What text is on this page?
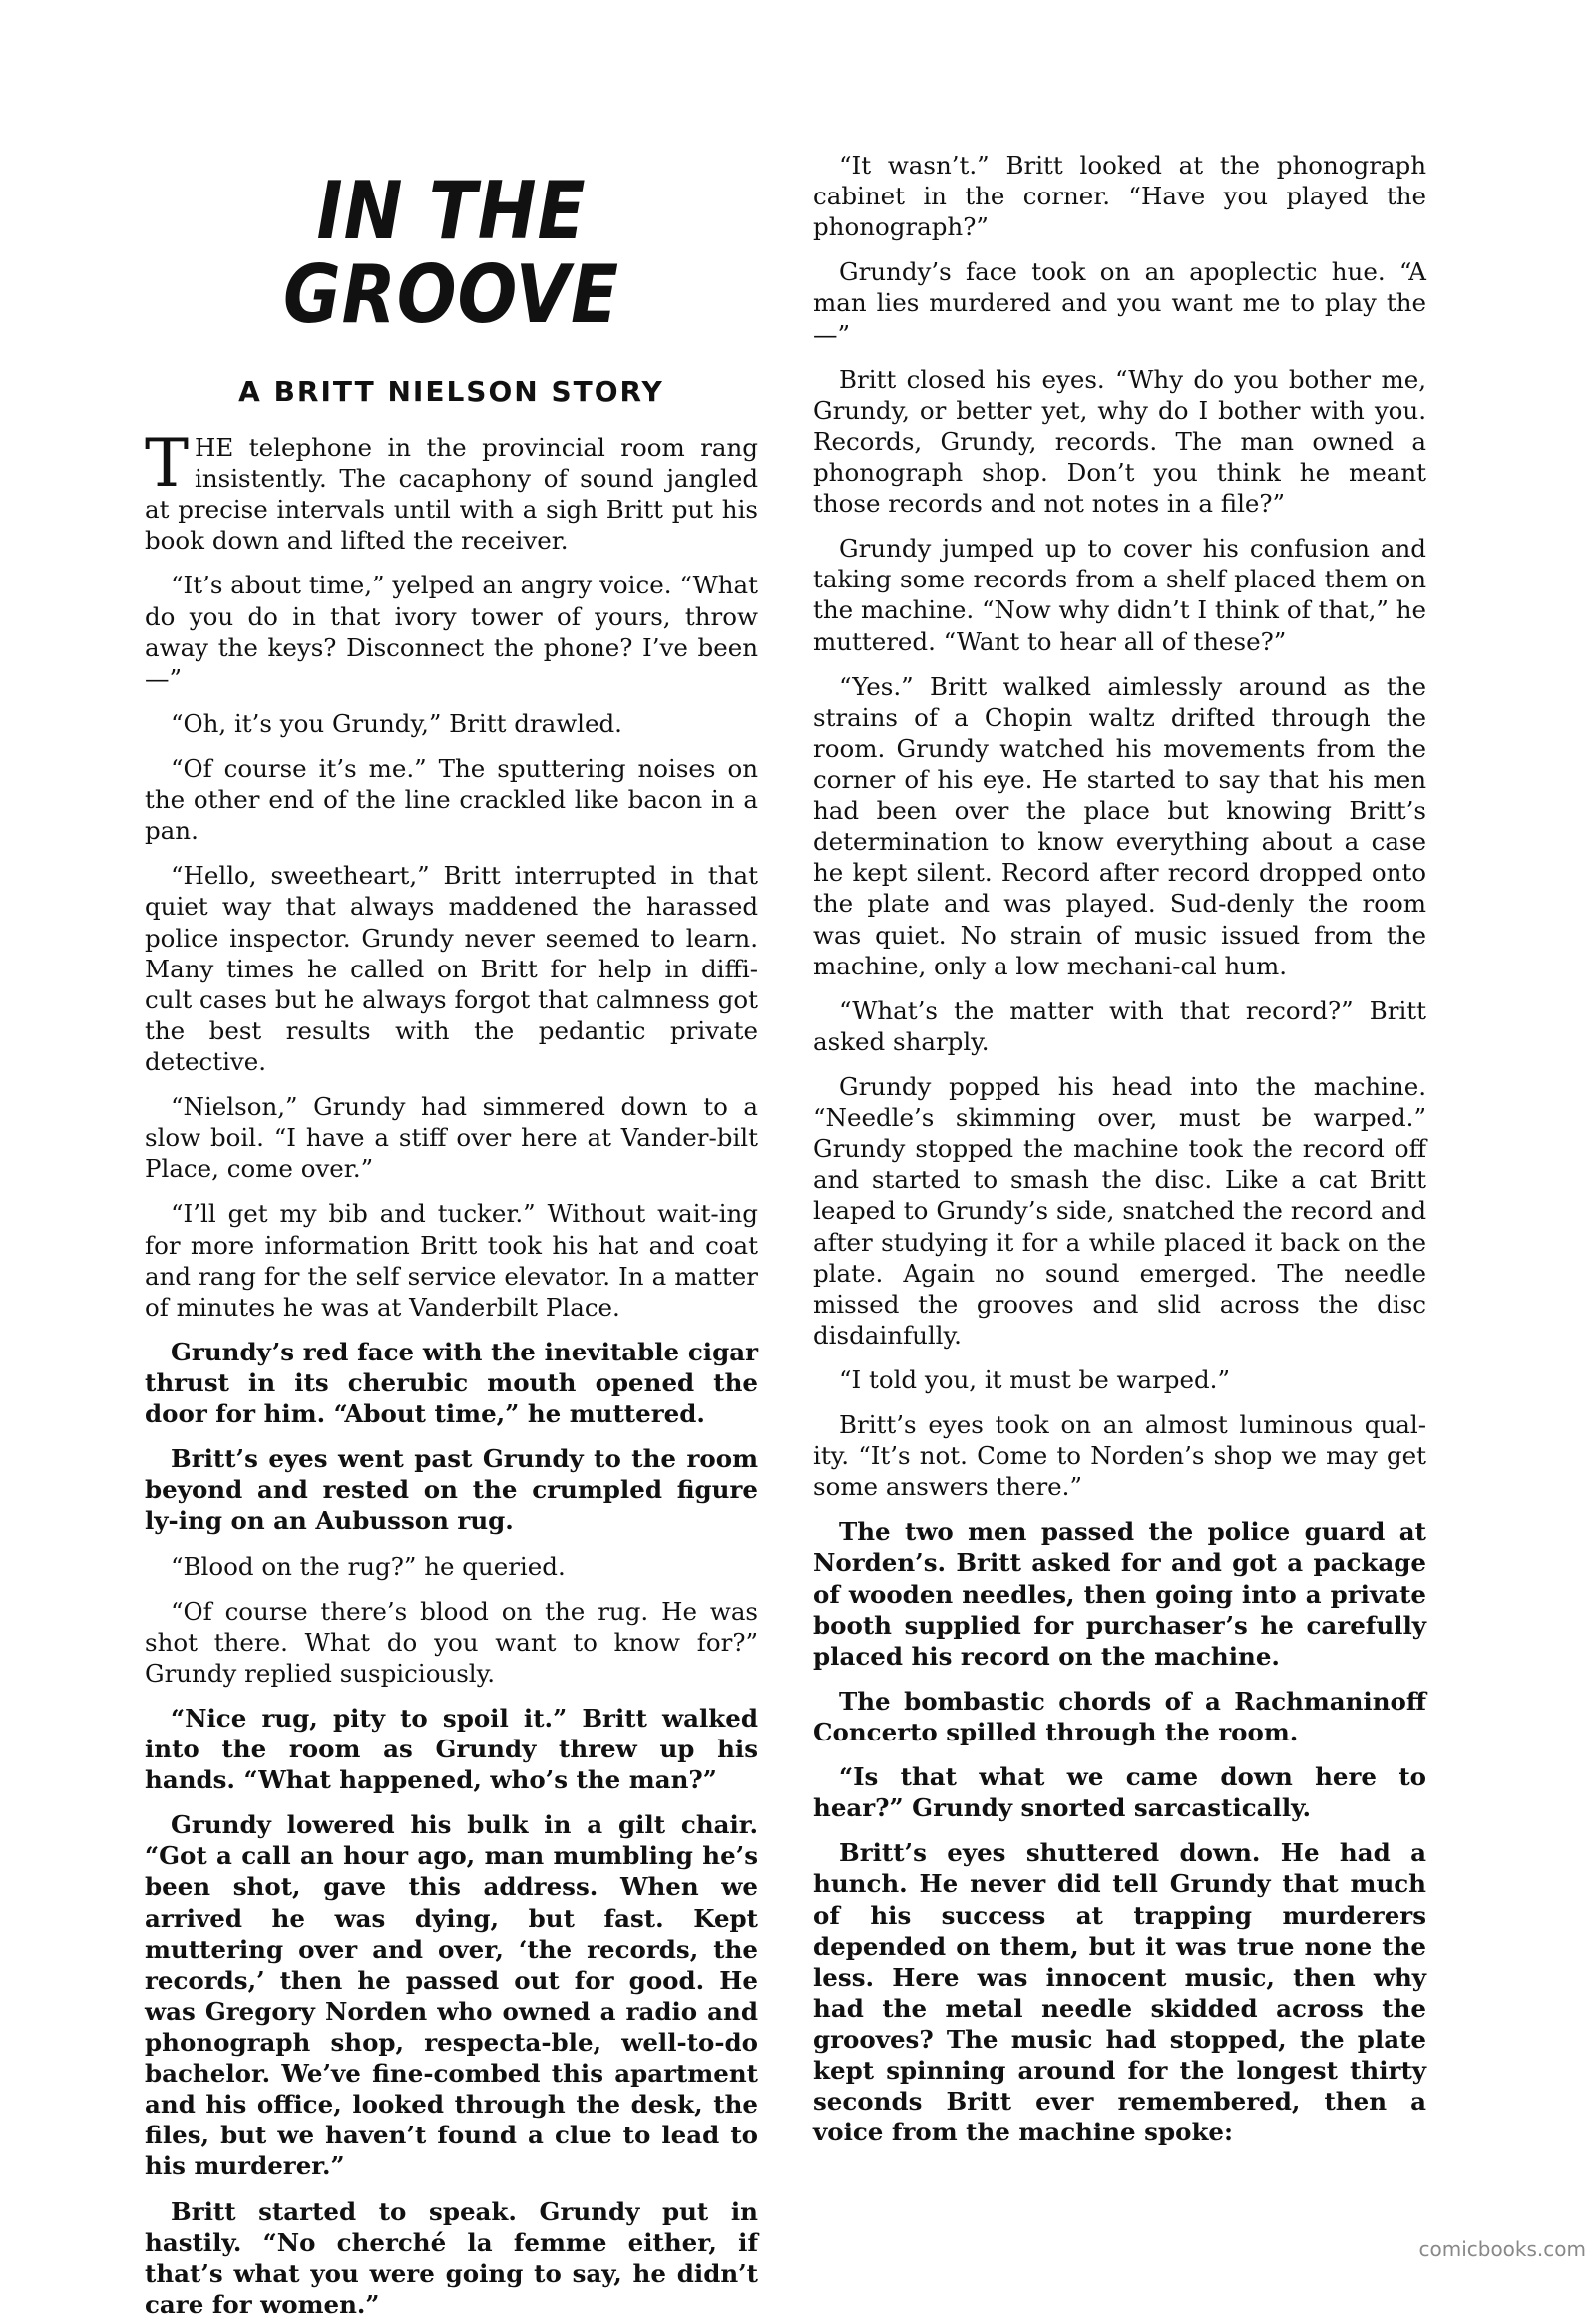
IN THE GROOVE
A BRITT NIELSON STORY

THE telephone in the provincial room rang insistently. The cacaphony of sound jangled at precise intervals until with a sigh Britt put his book down and lifted the receiver.

“It’s about time,” yelped an angry voice. “What do you do in that ivory tower of yours, throw away the keys? Disconnect the phone? I’ve been—”

“Oh, it’s you Grundy,” Britt drawled.

“Of course it’s me.” The sputtering noises on the other end of the line crackled like bacon in a pan.

“Hello, sweetheart,” Britt interrupted in that quiet way that always maddened the harassed police inspector. Grundy never seemed to learn. Many times he called on Britt for help in diffi-cult cases but he always forgot that calmness got the best results with the pedantic private detective.

“Nielson,” Grundy had simmered down to a slow boil. “I have a stiff over here at Vander-bilt Place, come over.”

“I’ll get my bib and tucker.” Without wait-ing for more information Britt took his hat and coat and rang for the self service elevator. In a matter of minutes he was at Vanderbilt Place.

Grundy’s red face with the inevitable cigar thrust in its cherubic mouth opened the door for him. “About time,” he muttered.

Britt’s eyes went past Grundy to the room beyond and rested on the crumpled figure ly-ing on an Aubusson rug.

“Blood on the rug?” he queried.

“Of course there’s blood on the rug. He was shot there. What do you want to know for?” Grundy replied suspiciously.

“Nice rug, pity to spoil it.” Britt walked into the room as Grundy threw up his hands. “What happened, who’s the man?”

Grundy lowered his bulk in a gilt chair. “Got a call an hour ago, man mumbling he’s been shot, gave this address. When we arrived he was dying, but fast. Kept muttering over and over, ‘the records, the records,’ then he passed out for good. He was Gregory Norden who owned a radio and phonograph shop, respecta-ble, well-to-do bachelor. We’ve fine-combed this apartment and his office, looked through the desk, the files, but we haven’t found a clue to lead to his murderer.”

Britt started to speak. Grundy put in hastily. “No cherché la femme either, if that’s what you were going to say, he didn’t care for women.”

“It wasn’t.” Britt looked at the phonograph cabinet in the corner. “Have you played the phonograph?”

Grundy’s face took on an apoplectic hue. “A man lies murdered and you want me to play the—”

Britt closed his eyes. “Why do you bother me, Grundy, or better yet, why do I bother with you. Records, Grundy, records. The man owned a phonograph shop. Don’t you think he meant those records and not notes in a file?”

Grundy jumped up to cover his confusion and taking some records from a shelf placed them on the machine. “Now why didn’t I think of that,” he muttered. “Want to hear all of these?”

“Yes.” Britt walked aimlessly around as the strains of a Chopin waltz drifted through the room. Grundy watched his movements from the corner of his eye. He started to say that his men had been over the place but knowing Britt’s determination to know everything about a case he kept silent. Record after record dropped onto the plate and was played. Sud-denly the room was quiet. No strain of music issued from the machine, only a low mechani-cal hum.

“What’s the matter with that record?” Britt asked sharply.

Grundy popped his head into the machine. “Needle’s skimming over, must be warped.” Grundy stopped the machine took the record off and started to smash the disc. Like a cat Britt leaped to Grundy’s side, snatched the record and after studying it for a while placed it back on the plate. Again no sound emerged. The needle missed the grooves and slid across the disc disdainfully.

“I told you, it must be warped.”

Britt’s eyes took on an almost luminous qual-ity. “It’s not. Come to Norden’s shop we may get some answers there.”

The two men passed the police guard at Norden’s. Britt asked for and got a package of wooden needles, then going into a private booth supplied for purchaser’s he carefully placed his record on the machine.

The bombastic chords of a Rachmaninoff Concerto spilled through the room.

“Is that what we came down here to hear?” Grundy snorted sarcastically.

Britt’s eyes shuttered down. He had a hunch. He never did tell Grundy that much of his success at trapping murderers depended on them, but it was true none the less. Here was innocent music, then why had the metal needle skidded across the grooves? The music had stopped, the plate kept spinning around for the longest thirty seconds Britt ever remembered, then a voice from the machine spoke:

comicbooks.com
